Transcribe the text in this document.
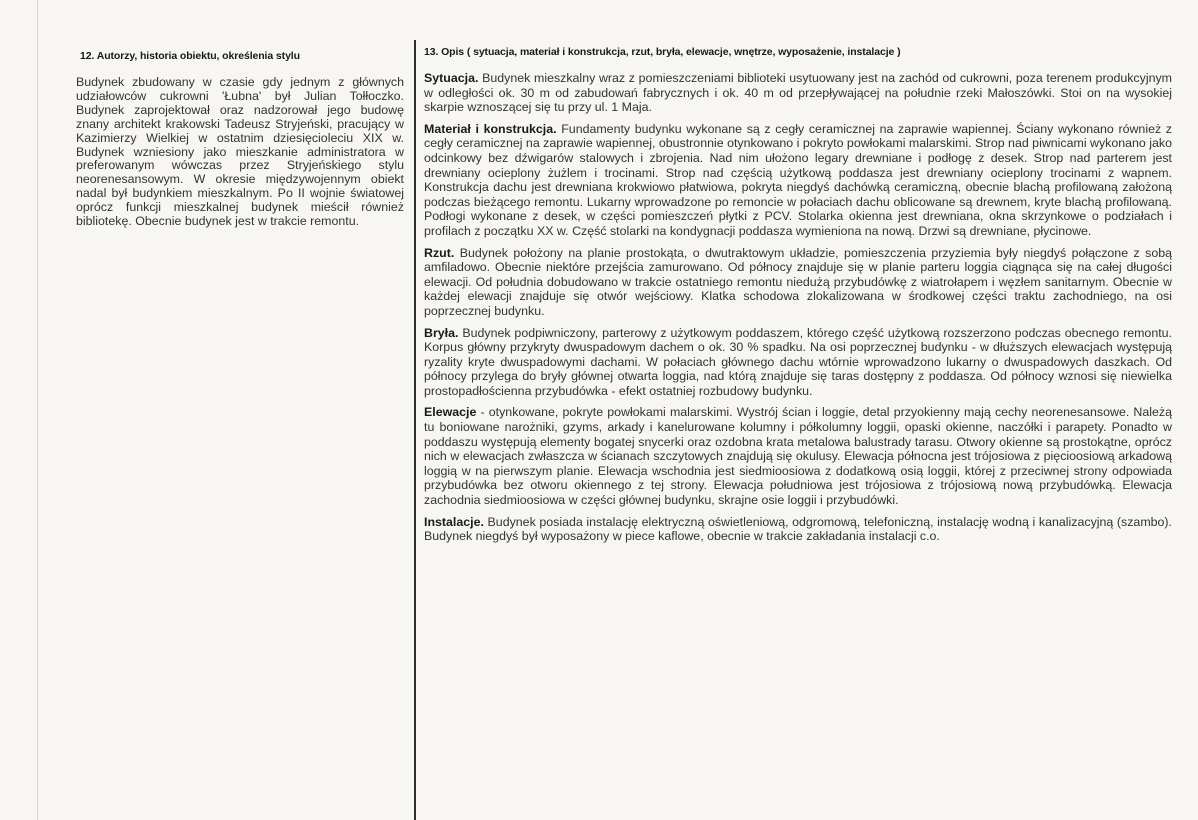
12. Autorzy, historia obiektu, określenia stylu
Budynek zbudowany w czasie gdy jednym z głównych udziałowców cukrowni 'Łubna' był Julian Tołłoczko. Budynek zaprojektował oraz nadzorował jego budowę znany architekt krakowski Tadeusz Stryjeński, pracujący w Kazimierzy Wielkiej w ostatnim dziesięcioleciu XIX w. Budynek wzniesiony jako mieszkanie administratora w preferowanym wówczas przez Stryjeńskiego stylu neorenesansowym. W okresie międzywojennym obiekt nadal był budynkiem mieszkalnym. Po II wojnie światowej oprócz funkcji mieszkalnej budynek mieścił również bibliotekę. Obecnie budynek jest w trakcie remontu.
13. Opis ( sytuacja, materiał i konstrukcja, rzut, bryła, elewacje, wnętrze, wyposażenie, instalacje )

Sytuacja. Budynek mieszkalny wraz z pomieszczeniami biblioteki usytuowany jest na zachód od cukrowni, poza terenem produkcyjnym w odległości ok. 30 m od zabudowań fabrycznych i ok. 40 m od przepływającej na południe rzeki Małoszówki. Stoi on na wysokiej skarpie wznoszącej się tu przy ul. 1 Maja.

Materiał i konstrukcja. Fundamenty budynku wykonane są z cegły ceramicznej na zaprawie wapiennej. Ściany wykonano również z cegły ceramicznej na zaprawie wapiennej, obustronnie otynkowano i pokryto powłokami malarskimi. Strop nad piwnicami wykonano jako odcinkowy bez dźwigarów stalowych i zbrojenia. Nad nim ułożono legary drewniane i podłogę z desek. Strop nad parterem jest drewniany ocieplony żużlem i trocinami. Strop nad częścią użytkową poddasza jest drewniany ocieplony trocinami z wapnem. Konstrukcja dachu jest drewniana krokwiowo płatwiowa, pokryta niegdyś dachówką ceramiczną, obecnie blachą profilowaną założoną podczas bieżącego remontu. Lukarny wprowadzone po remoncie w połaciach dachu oblicowane są drewnem, kryte blachą profilowaną. Podłogi wykonane z desek, w części pomieszczeń płytki z PCV. Stolarka okienna jest drewniana, okna skrzynkowe o podziałach i profilach z początku XX w. Część stolarki na kondygnacji poddasza wymieniona na nową. Drzwi są drewniane, płycinowe.

Rzut. Budynek położony na planie prostokąta, o dwutraktowym układzie, pomieszczenia przyziemia były niegdyś połączone z sobą amfiladowo. Obecnie niektóre przejścia zamurowano. Od północy znajduje się w planie parteru loggia ciągnąca się na całej długości elewacji. Od południa dobudowano w trakcie ostatniego remontu niedużą przybudówkę z wiatrołapem i węzłem sanitarnym. Obecnie w każdej elewacji znajduje się otwór wejściowy. Klatka schodowa zlokalizowana w środkowej części traktu zachodniego, na osi poprzecznej budynku.

Bryła. Budynek podpiwniczony, parterowy z użytkowym poddaszem, którego część użytkową rozszerzono podczas obecnego remontu. Korpus główny przykryty dwuspadowym dachem o ok. 30 % spadku. Na osi poprzecznej budynku - w dłuższych elewacjach występują ryzality kryte dwuspadowymi dachami. W połaciach głównego dachu wtórnie wprowadzono lukarny o dwuspadowych daszkach. Od północy przylega do bryły głównej otwarta loggia, nad którą znajduje się taras dostępny z poddasza. Od północy wznosi się niewielka prostopadłościenna przybudówka - efekt ostatniej rozbudowy budynku.

Elewacje - otynkowane, pokryte powłokami malarskimi. Wystrój ścian i loggie, detal przyokienny mają cechy neorenesansowe. Należą tu boniowane narożniki, gzyms, arkady i kanelurowane kolumny i półkolumny loggii, opaski okienne, naczółki i parapety. Ponadto w poddaszu występują elementy bogatej snycerki oraz ozdobna krata metalowa balustrady tarasu. Otwory okienne są prostokątne, oprócz nich w elewacjach zwłaszcza w ścianach szczytowych znajdują się okulusy. Elewacja północna jest trójosiowa z pięcioosiową arkadową loggią w na pierwszym planie. Elewacja wschodnia jest siedmioosiowa z dodatkową osią loggii, której z przeciwnej strony odpowiada przybudówka bez otworu okiennego z tej strony. Elewacja południowa jest trójosiowa z trójosiową nową przybudówką. Elewacja zachodnia siedmioosiowa w części głównej budynku, skrajne osie loggii i przybudówki.

Instalacje. Budynek posiada instalację elektryczną oświetleniową, odgromową, telefoniczną, instalację wodną i kanalizacyjną (szambo). Budynek niegdyś był wyposażony w piece kaflowe, obecnie w trakcie zakładania instalacji c.o.
